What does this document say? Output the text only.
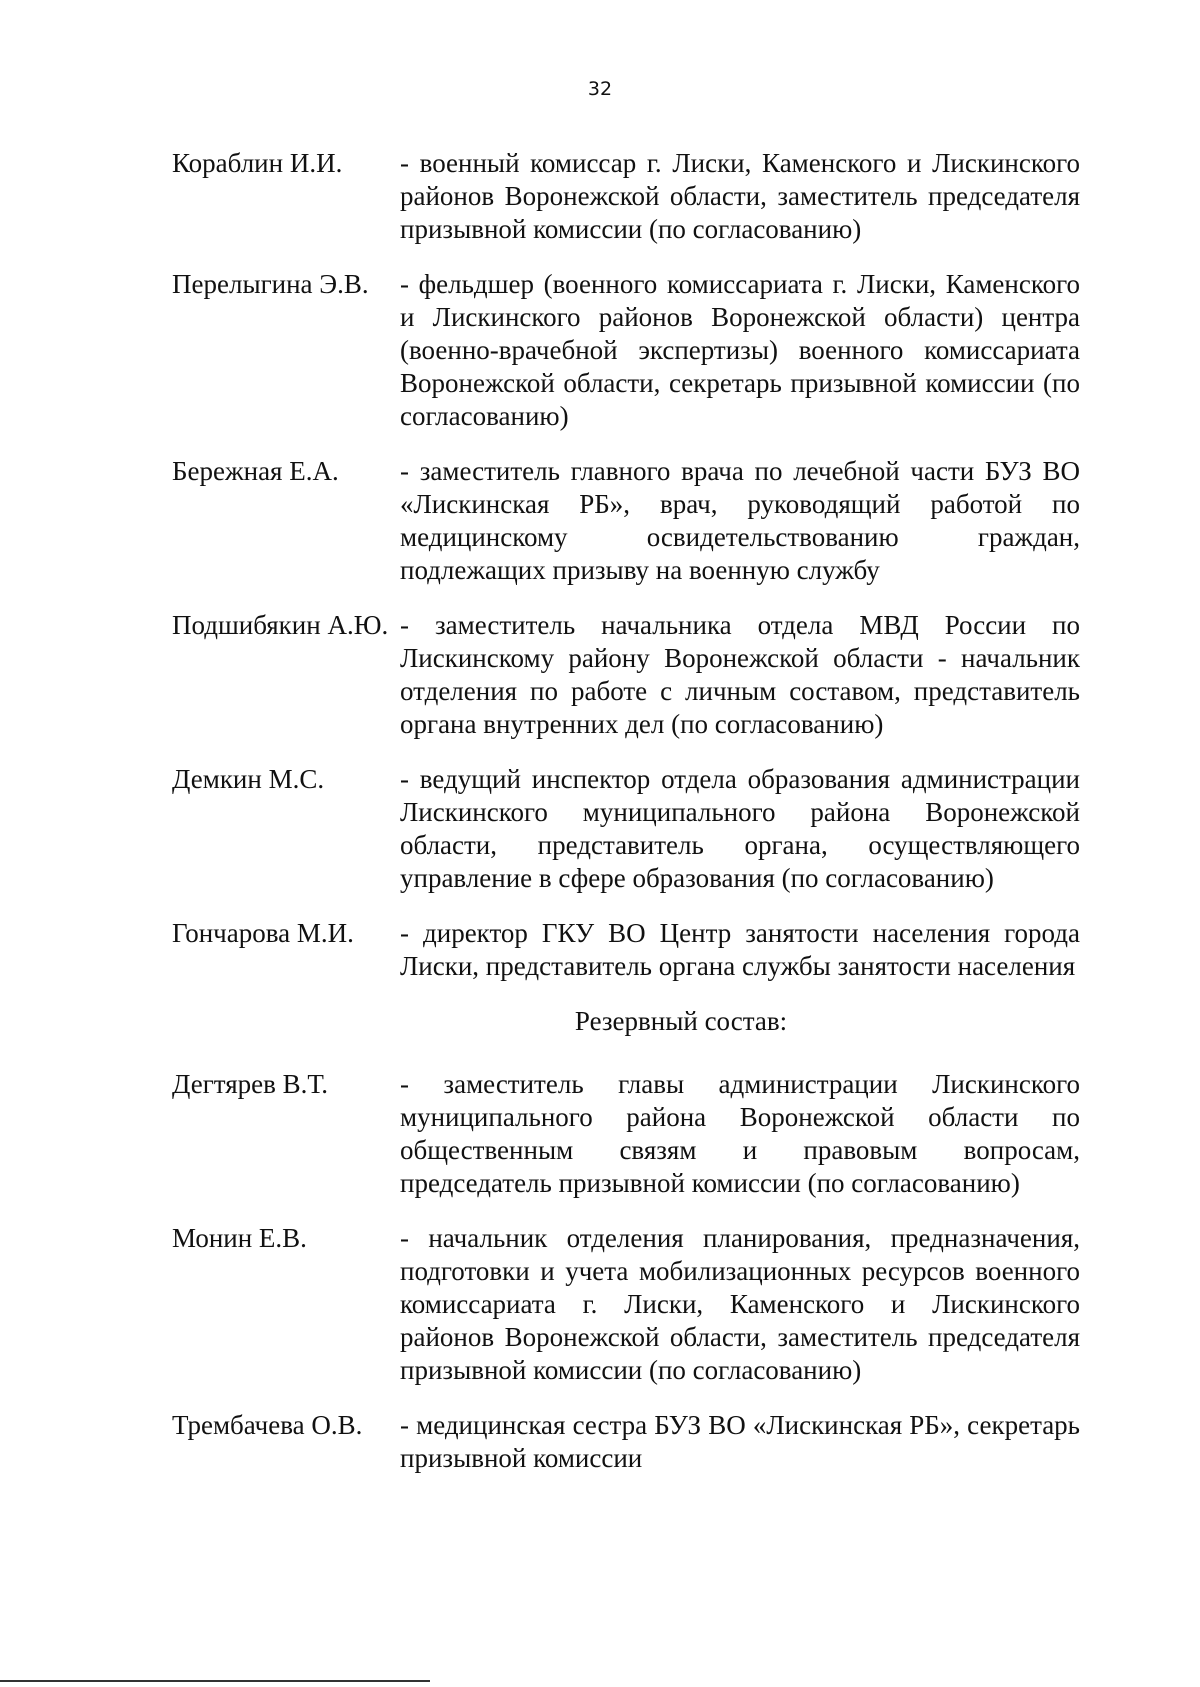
32
Кораблин И.И.	- военный комиссар г. Лиски, Каменского и Лискинского районов Воронежской области, заместитель председателя призывной комиссии (по согласованию)
Перелыгина Э.В.	- фельдшер (военного комиссариата г. Лиски, Каменского и Лискинского районов Воронежской области) центра (военно-врачебной экспертизы) военного комиссариата Воронежской области, секретарь призывной комиссии (по согласованию)
Бережная Е.А.	- заместитель главного врача по лечебной части БУЗ ВО «Лискинская РБ», врач, руководящий работой по медицинскому освидетельствованию граждан, подлежащих призыву на военную службу
Подшибякин А.Ю. - заместитель начальника отдела МВД России по Лискинскому району Воронежской области - начальник отделения по работе с личным составом, представитель органа внутренних дел (по согласованию)
Демкин М.С.	- ведущий инспектор отдела образования администрации Лискинского муниципального района Воронежской области, представитель органа, осуществляющего управление в сфере образования (по согласованию)
Гончарова М.И.	- директор ГКУ ВО Центр занятости населения города Лиски, представитель органа службы занятости населения
Резервный состав:
Дегтярев В.Т.	- заместитель главы администрации Лискинского муниципального района Воронежской области по общественным связям и правовым вопросам, председатель призывной комиссии (по согласованию)
Монин Е.В.	- начальник отделения планирования, предназначения, подготовки и учета мобилизационных ресурсов военного комиссариата г. Лиски, Каменского и Лискинского районов Воронежской области, заместитель председателя призывной комиссии (по согласованию)
Трембачева О.В.	- медицинская сестра БУЗ ВО «Лискинская РБ», секретарь призывной комиссии
